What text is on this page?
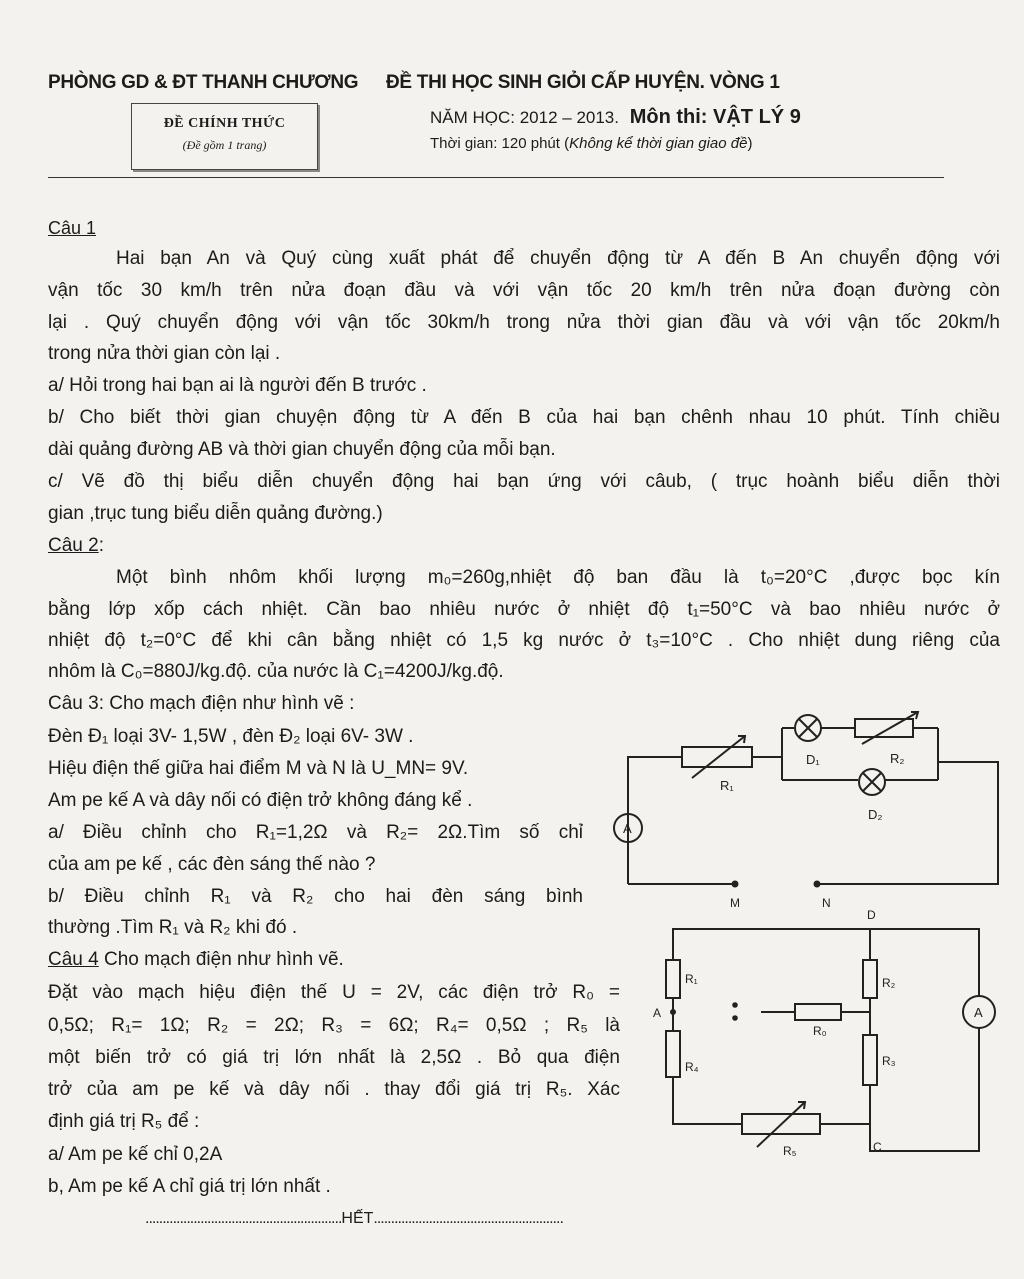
PHÒNG GD & ĐT THANH CHƯƠNG ĐỀ THI HỌC SINH GIỎI CẤP HUYỆN. VÒNG 1
ĐỀ CHÍNH THỨC
(Đề gồm 1 trang)
NĂM HỌC: 2012 – 2013. Môn thi: VẬT LÝ 9
Thời gian: 120 phút (Không kể thời gian giao đề)
Câu 1
Hai bạn An và Quý cùng xuất phát để chuyển động từ A đến B An chuyển động với
vận tốc 30 km/h trên nửa đoạn đầu và với vận tốc 20 km/h trên nửa đoạn đường còn
lại . Quý chuyển động với vận tốc 30km/h trong nửa thời gian đầu và với vận tốc 20km/h
trong nửa thời gian còn lại .
a/ Hỏi trong hai bạn ai là người đến B trước .
b/ Cho biết thời gian chuyện động từ A đến B của hai bạn chênh nhau 10 phút. Tính chiều
dài quảng đường AB và thời gian chuyển động của mỗi bạn.
c/ Vẽ đồ thị biểu diễn chuyển động hai bạn ứng với câub, ( trục hoành biểu diễn thời
gian ,trục tung biểu diễn quảng đường.)
Câu 2:
Một bình nhôm khối lượng m₀=260g,nhiệt độ ban đầu là t₀=20°C ,được bọc kín
bằng lớp xốp cách nhiệt. Cần bao nhiêu nước ở nhiệt độ t₁=50°C và bao nhiêu nước ở
nhiệt độ t₂=0°C để khi cân bằng nhiệt có 1,5 kg nước ở t₃=10°C . Cho nhiệt dung riêng của
nhôm là C₀=880J/kg.độ. của nước là C₁=4200J/kg.độ.
Câu 3: Cho mạch điện như hình vẽ :
Đèn Đ₁ loại 3V- 1,5W , đèn Đ₂ loại 6V- 3W .
Hiệu điện thế giữa hai điểm M và N là U_MN= 9V.
Am pe kế A và dây nối có điện trở không đáng kể .
a/ Điều chỉnh cho R₁=1,2Ω và R₂= 2Ω.Tìm số chỉ
của am pe kế , các đèn sáng thế nào ?
b/ Điều chỉnh R₁ và R₂ cho hai đèn sáng bình
thường .Tìm R₁ và R₂ khi đó .
Câu 4 Cho mạch điện như hình vẽ.
Đặt vào mạch hiệu điện thế U = 2V, các điện trở R₀ =
0,5Ω; R₁= 1Ω; R₂ = 2Ω; R₃ = 6Ω; R₄= 0,5Ω ; R₅ là
một biến trở có giá trị lớn nhất là 2,5Ω . Bỏ qua điện
trở của am pe kế và dây nối . thay đổi giá trị R₅. Xác
định giá trị R₅ để :
a/ Am pe kế chỉ 0,2A
b, Am pe kế A chỉ giá trị lớn nhất .
.........................................................HẾT.......................................................
R₁
D₁	R₂
D₂
A
M	N
D
A
R₁
R₄
R₂
R₃
R₀
R₅	C
A
